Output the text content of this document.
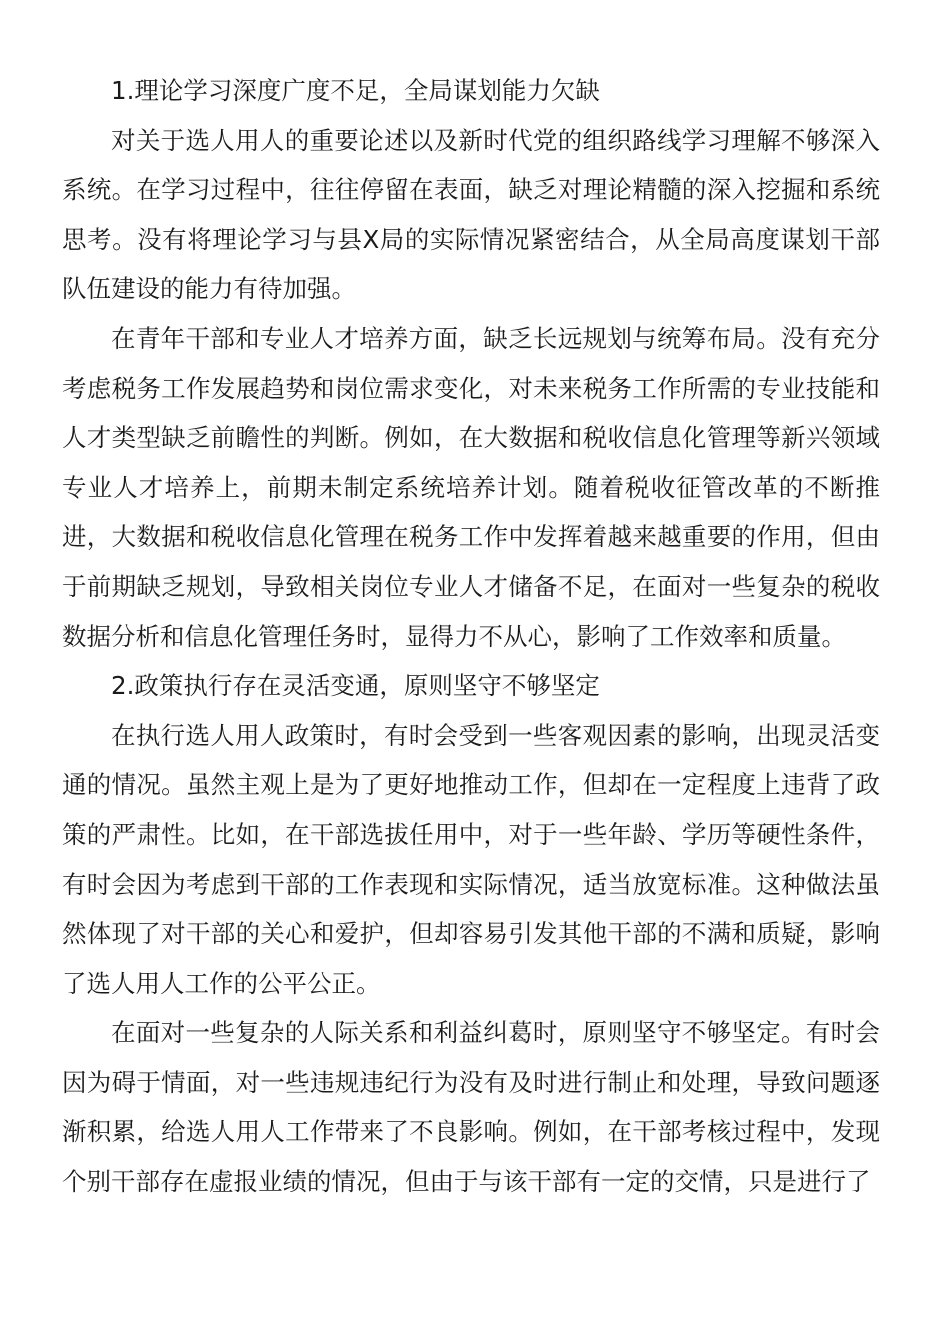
1.理论学习深度广度不足，全局谋划能力欠缺

对关于选人用人的重要论述以及新时代党的组织路线学习理解不够深入系统。在学习过程中，往往停留在表面，缺乏对理论精髓的深入挖掘和系统思考。没有将理论学习与县X局的实际情况紧密结合，从全局高度谋划干部队伍建设的能力有待加强。

在青年干部和专业人才培养方面，缺乏长远规划与统筹布局。没有充分考虑税务工作发展趋势和岗位需求变化，对未来税务工作所需的专业技能和人才类型缺乏前瞻性的判断。例如，在大数据和税收信息化管理等新兴领域专业人才培养上，前期未制定系统培养计划。随着税收征管改革的不断推进，大数据和税收信息化管理在税务工作中发挥着越来越重要的作用，但由于前期缺乏规划，导致相关岗位专业人才储备不足，在面对一些复杂的税收数据分析和信息化管理任务时，显得力不从心，影响了工作效率和质量。

2.政策执行存在灵活变通，原则坚守不够坚定

在执行选人用人政策时，有时会受到一些客观因素的影响，出现灵活变通的情况。虽然主观上是为了更好地推动工作，但却在一定程度上违背了政策的严肃性。比如，在干部选拔任用中，对于一些年龄、学历等硬性条件，有时会因为考虑到干部的工作表现和实际情况，适当放宽标准。这种做法虽然体现了对干部的关心和爱护，但却容易引发其他干部的不满和质疑，影响了选人用人工作的公平公正。

在面对一些复杂的人际关系和利益纠葛时，原则坚守不够坚定。有时会因为碍于情面，对一些违规违纪行为没有及时进行制止和处理，导致问题逐渐积累，给选人用人工作带来了不良影响。例如，在干部考核过程中，发现个别干部存在虚报业绩的情况，但由于与该干部有一定的交情，只是进行了
